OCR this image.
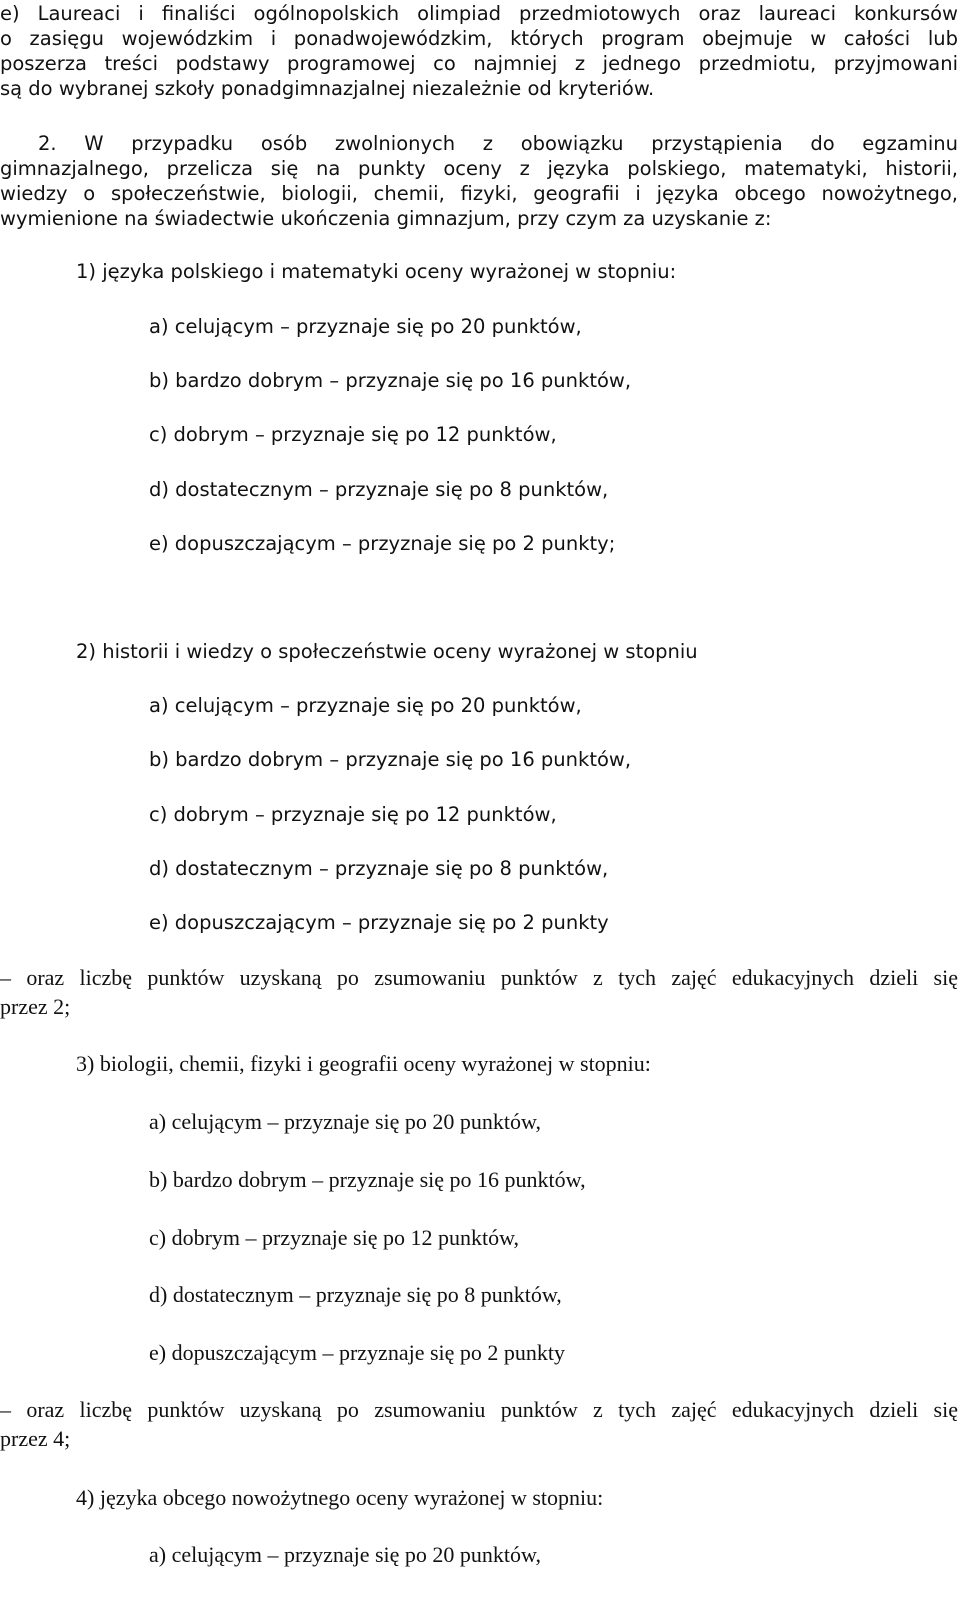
e) Laureaci i finaliści ogólnopolskich olimpiad przedmiotowych oraz laureaci konkursów
o zasięgu wojewódzkim i ponadwojewódzkim, których program obejmuje w całości lub
poszerza treści podstawy programowej co najmniej z jednego przedmiotu, przyjmowani
są do wybranej szkoły ponadgimnazjalnej niezależnie od kryteriów.
2. W przypadku osób zwolnionych z obowiązku przystąpienia do egzaminu
gimnazjalnego, przelicza się na punkty oceny z języka polskiego, matematyki, historii,
wiedzy o społeczeństwie, biologii, chemii, fizyki, geografii i języka obcego nowożytnego,
wymienione na świadectwie ukończenia gimnazjum, przy czym za uzyskanie z:
1) języka polskiego i matematyki oceny wyrażonej w stopniu:
a) celującym – przyznaje się po 20 punktów,
b) bardzo dobrym – przyznaje się po 16 punktów,
c) dobrym – przyznaje się po 12 punktów,
d) dostatecznym – przyznaje się po 8 punktów,
e) dopuszczającym – przyznaje się po 2 punkty;
2) historii i wiedzy o społeczeństwie oceny wyrażonej w stopniu
a) celującym – przyznaje się po 20 punktów,
b) bardzo dobrym – przyznaje się po 16 punktów,
c) dobrym – przyznaje się po 12 punktów,
d) dostatecznym – przyznaje się po 8 punktów,
e) dopuszczającym – przyznaje się po 2 punkty
– oraz liczbę punktów uzyskaną po zsumowaniu punktów z tych zajęć edukacyjnych dzieli się
przez 2;
3) biologii, chemii, fizyki i geografii oceny wyrażonej w stopniu:
a) celującym – przyznaje się po 20 punktów,
b) bardzo dobrym – przyznaje się po 16 punktów,
c) dobrym – przyznaje się po 12 punktów,
d) dostatecznym – przyznaje się po 8 punktów,
e) dopuszczającym – przyznaje się po 2 punkty
– oraz liczbę punktów uzyskaną po zsumowaniu punktów z tych zajęć edukacyjnych dzieli się
przez 4;
4) języka obcego nowożytnego oceny wyrażonej w stopniu:
a) celującym – przyznaje się po 20 punktów,
